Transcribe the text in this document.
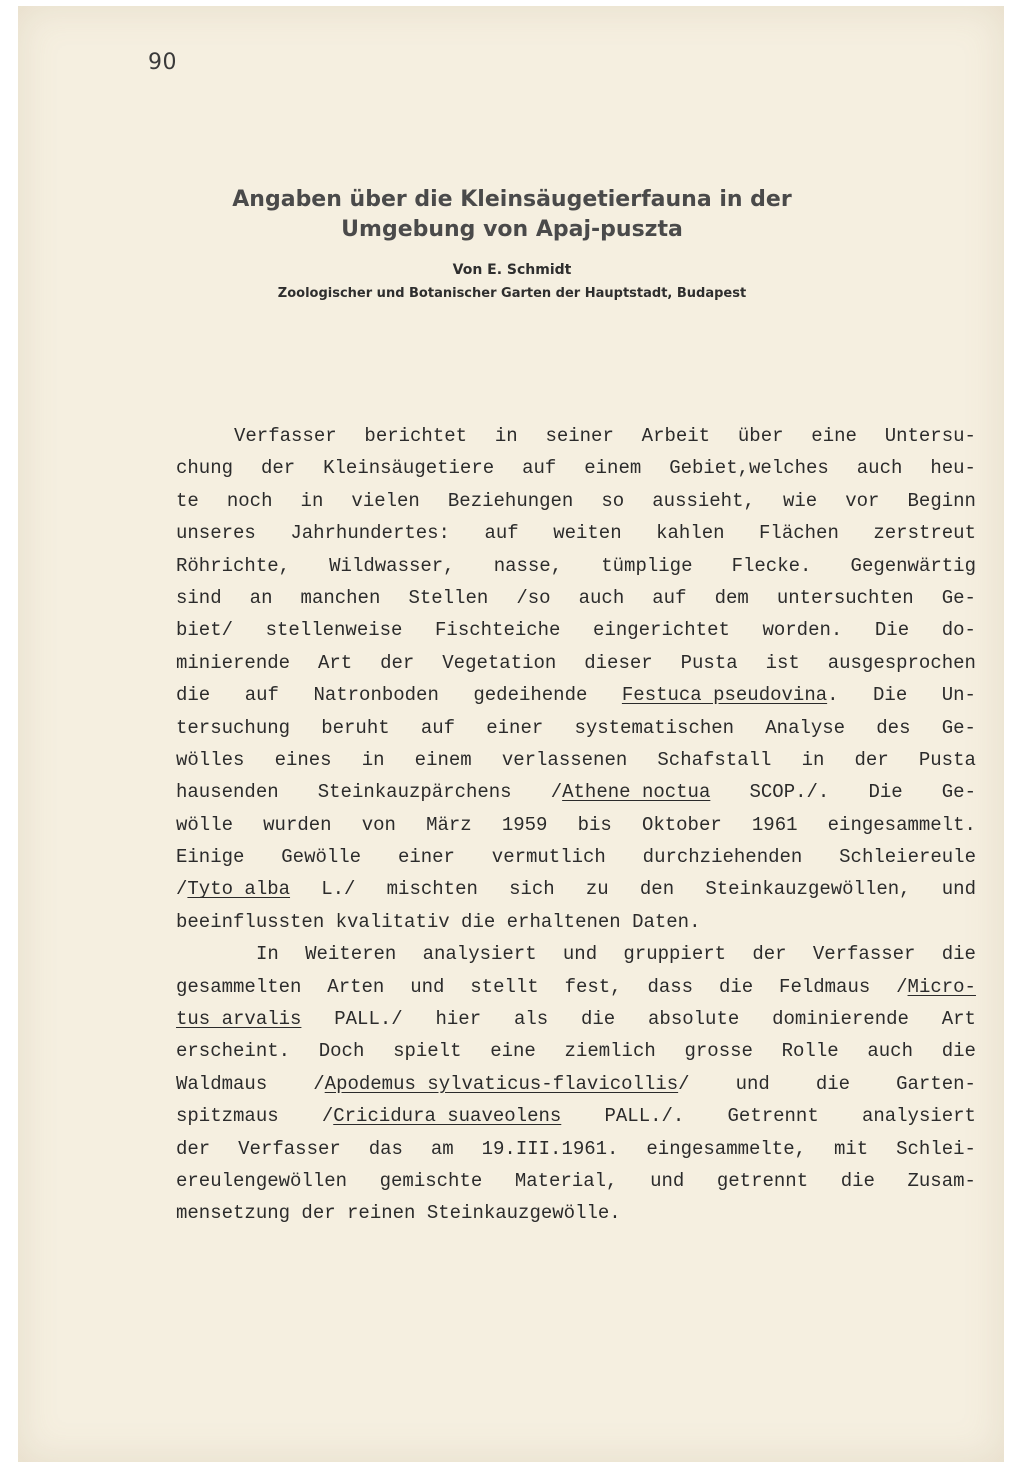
90
Angaben über die Kleinsäugetierfauna in der
Umgebung von Apaj-puszta
Von E. Schmidt
Zoologischer und Botanischer Garten der Hauptstadt, Budapest
Verfasser berichtet in seiner Arbeit über eine Untersu-
chung der Kleinsäugetiere auf einem Gebiet,welches auch heu-
te noch in vielen Beziehungen so aussieht, wie vor Beginn
unseres Jahrhundertes: auf weiten kahlen Flächen zerstreut
Röhrichte, Wildwasser, nasse, tümplige Flecke. Gegenwärtig
sind an manchen Stellen /so auch auf dem untersuchten Ge-
biet/ stellenweise Fischteiche eingerichtet worden. Die do-
minierende Art der Vegetation dieser Pusta ist ausgesprochen
die auf Natronboden gedeihende Festuca pseudovina. Die Un-
tersuchung beruht auf einer systematischen Analyse des Ge-
wölles eines in einem verlassenen Schafstall in der Pusta
hausenden Steinkauzpärchens /Athene noctua SCOP./. Die Ge-
wölle wurden von März 1959 bis Oktober 1961 eingesammelt.
Einige Gewölle einer vermutlich durchziehenden Schleiereule
/Tyto alba L./ mischten sich zu den Steinkauzgewöllen, und
beeinflussten kvalitativ die erhaltenen Daten.
In Weiteren analysiert und gruppiert der Verfasser die
gesammelten Arten und stellt fest, dass die Feldmaus /Micro-
tus arvalis PALL./ hier als die absolute dominierende Art
erscheint. Doch spielt eine ziemlich grosse Rolle auch die
Waldmaus /Apodemus sylvaticus-flavicollis/ und die Garten-
spitzmaus /Cricidura suaveolens PALL./. Getrennt analysiert
der Verfasser das am 19.III.1961. eingesammelte, mit Schlei-
ereulengewöllen gemischte Material, und getrennt die Zusam-
mensetzung der reinen Steinkauzgewölle.
